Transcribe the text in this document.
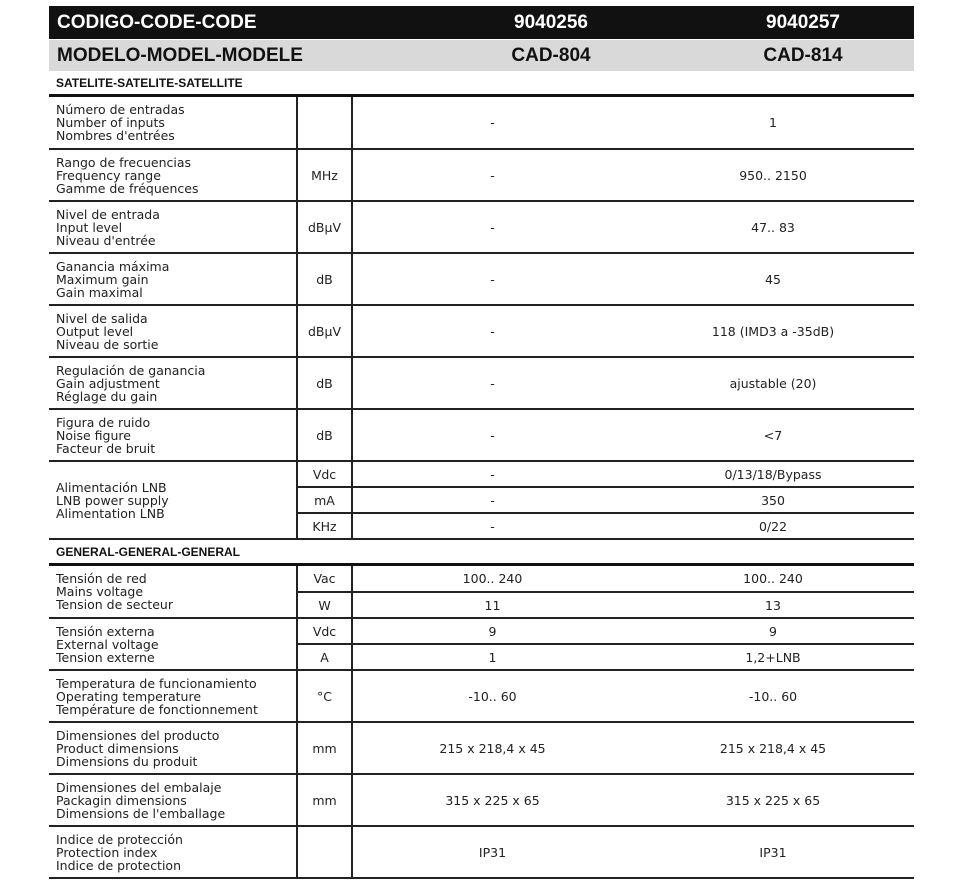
CODIGO-CODE-CODE	9040256	9040257
MODELO-MODEL-MODELE	CAD-804	CAD-814
SATELITE-SATELITE-SATELLITE
Número de entradas
Number of inputs
Nombres d'entrées		-	1

Rango de frecuencias
Frequency range
Gamme de fréquences	MHz	-	950.. 2150

Nivel de entrada
Input level
Niveau d'entrée	dBµV	-	47.. 83

Ganancia máxima
Maximum gain
Gain maximal	dB	-	45

Nivel de salida
Output level
Niveau de sortie	dBµV	-	118 (IMD3 a -35dB)

Regulación de ganancia
Gain adjustment
Réglage du gain	dB	-	ajustable (20)

Figura de ruido
Noise figure
Facteur de bruit	dB	-	<7

Alimentación LNB
LNB power supply
Alimentation LNB	Vdc	-	0/13/18/Bypass
	mA	-	350
	KHz	-	0/22
GENERAL-GENERAL-GENERAL
Tensión de red
Mains voltage
Tension de secteur	Vac	100.. 240	100.. 240
	W	11	13

Tensión externa
External voltage
Tension externe	Vdc	9	9
	A	1	1,2+LNB

Temperatura de funcionamiento
Operating temperature
Température de fonctionnement	°C	-10.. 60	-10.. 60

Dimensiones del producto
Product dimensions
Dimensions du produit	mm	215 x 218,4 x 45	215 x 218,4 x 45

Dimensiones del embalaje
Packagin dimensions
Dimensions de l'emballage	mm	315 x 225 x 65	315 x 225 x 65

Indice de protección
Protection index
Indice de protection		IP31	IP31
